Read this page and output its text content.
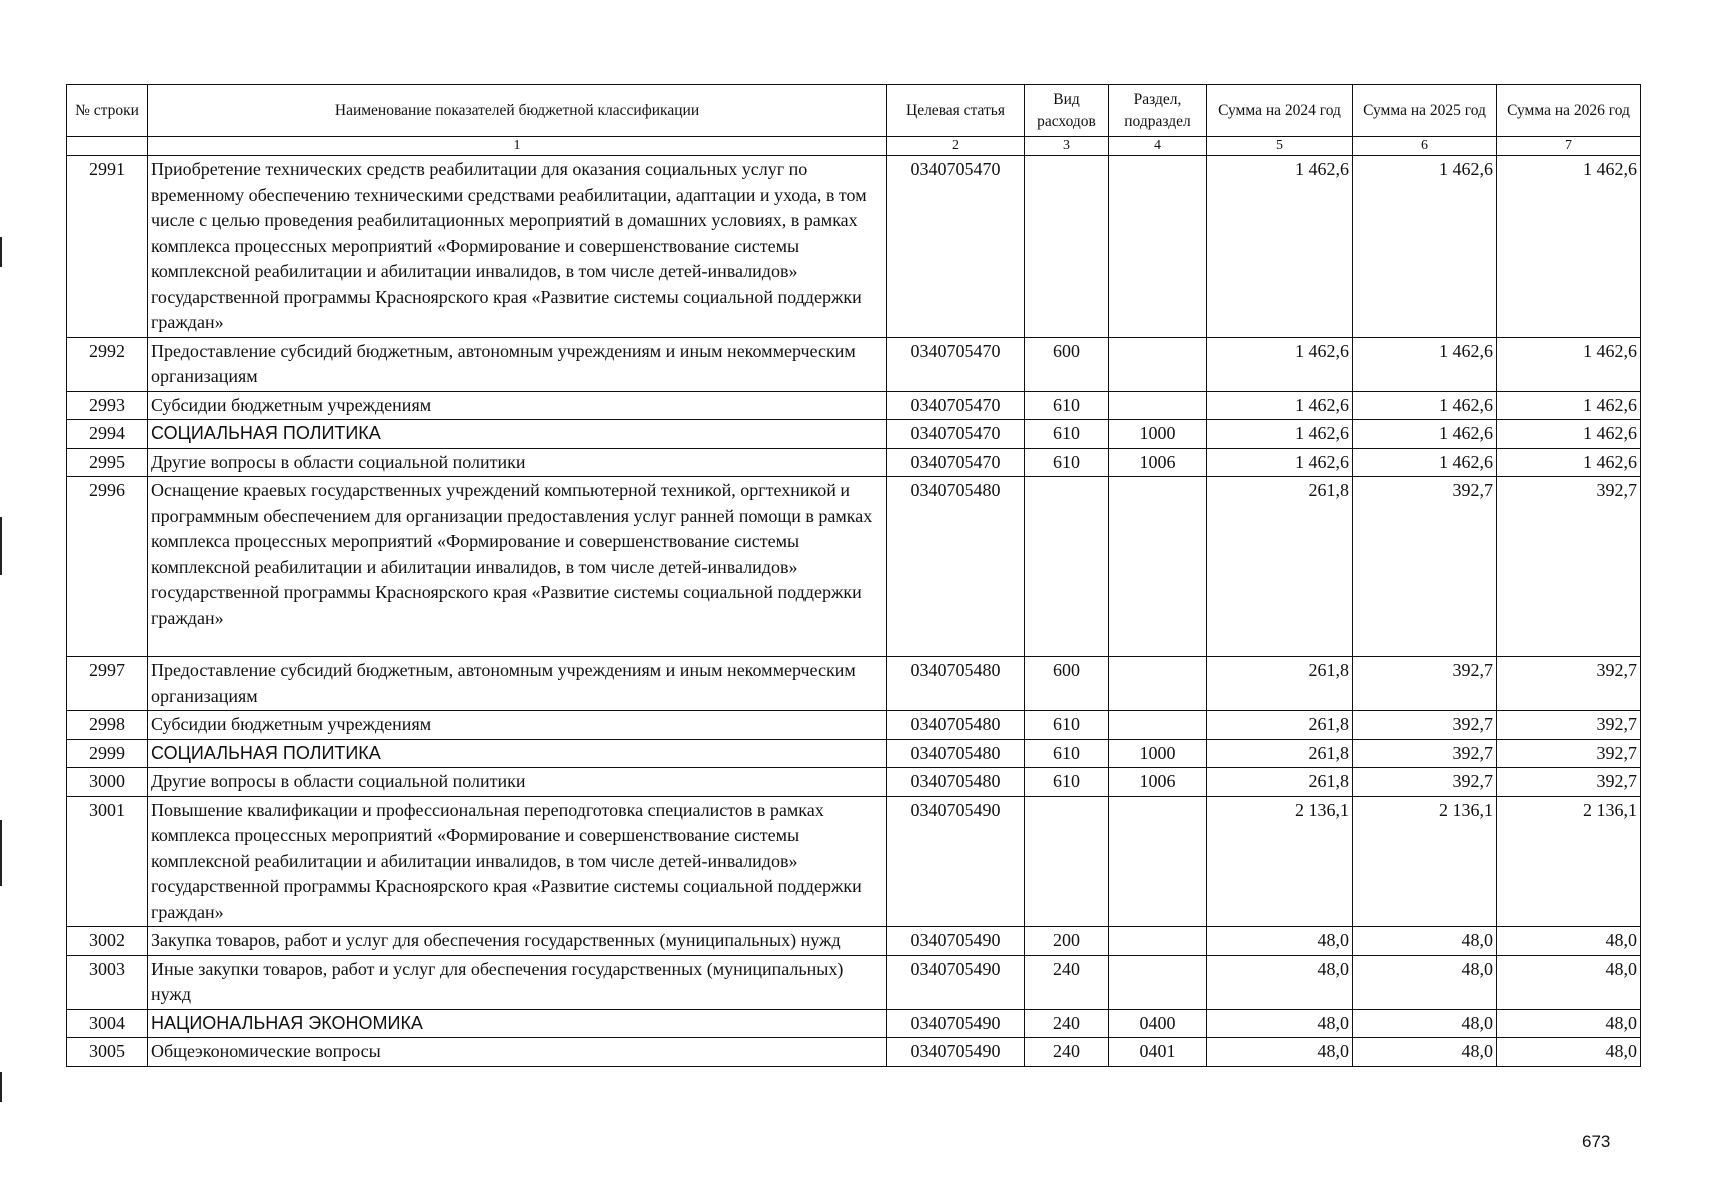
№ строки	Наименование показателей бюджетной классификации	Целевая статья	Вид расходов	Раздел, подраздел	Сумма на 2024 год	Сумма на 2025 год	Сумма на 2026 год
	1	2	3	4	5	6	7
2991	Приобретение технических средств реабилитации для оказания социальных услуг по временному обеспечению техническими средствами реабилитации, адаптации и ухода, в том числе с целью проведения реабилитационных мероприятий в домашних условиях, в рамках комплекса процессных мероприятий «Формирование и совершенствование системы комплексной реабилитации и абилитации инвалидов, в том числе детей-инвалидов» государственной программы Красноярского края «Развитие системы социальной поддержки граждан»	0340705470			1 462,6	1 462,6	1 462,6
2992	Предоставление субсидий бюджетным, автономным учреждениям и иным некоммерческим организациям	0340705470	600		1 462,6	1 462,6	1 462,6
2993	Субсидии бюджетным учреждениям	0340705470	610		1 462,6	1 462,6	1 462,6
2994	СОЦИАЛЬНАЯ ПОЛИТИКА	0340705470	610	1000	1 462,6	1 462,6	1 462,6
2995	Другие вопросы в области социальной политики	0340705470	610	1006	1 462,6	1 462,6	1 462,6
2996	Оснащение краевых государственных учреждений компьютерной техникой, оргтехникой и программным обеспечением для организации предоставления услуг ранней помощи в рамках комплекса процессных мероприятий «Формирование и совершенствование системы комплексной реабилитации и абилитации инвалидов, в том числе детей-инвалидов» государственной программы Красноярского края «Развитие системы социальной поддержки граждан»	0340705480			261,8	392,7	392,7
2997	Предоставление субсидий бюджетным, автономным учреждениям и иным некоммерческим организациям	0340705480	600		261,8	392,7	392,7
2998	Субсидии бюджетным учреждениям	0340705480	610		261,8	392,7	392,7
2999	СОЦИАЛЬНАЯ ПОЛИТИКА	0340705480	610	1000	261,8	392,7	392,7
3000	Другие вопросы в области социальной политики	0340705480	610	1006	261,8	392,7	392,7
3001	Повышение квалификации и профессиональная переподготовка специалистов в рамках комплекса процессных мероприятий «Формирование и совершенствование системы комплексной реабилитации и абилитации инвалидов, в том числе детей-инвалидов» государственной программы Красноярского края «Развитие системы социальной поддержки граждан»	0340705490			2 136,1	2 136,1	2 136,1
3002	Закупка товаров, работ и услуг для обеспечения государственных (муниципальных) нужд	0340705490	200		48,0	48,0	48,0
3003	Иные закупки товаров, работ и услуг для обеспечения государственных (муниципальных) нужд	0340705490	240		48,0	48,0	48,0
3004	НАЦИОНАЛЬНАЯ ЭКОНОМИКА	0340705490	240	0400	48,0	48,0	48,0
3005	Общеэкономические вопросы	0340705490	240	0401	48,0	48,0	48,0
673
